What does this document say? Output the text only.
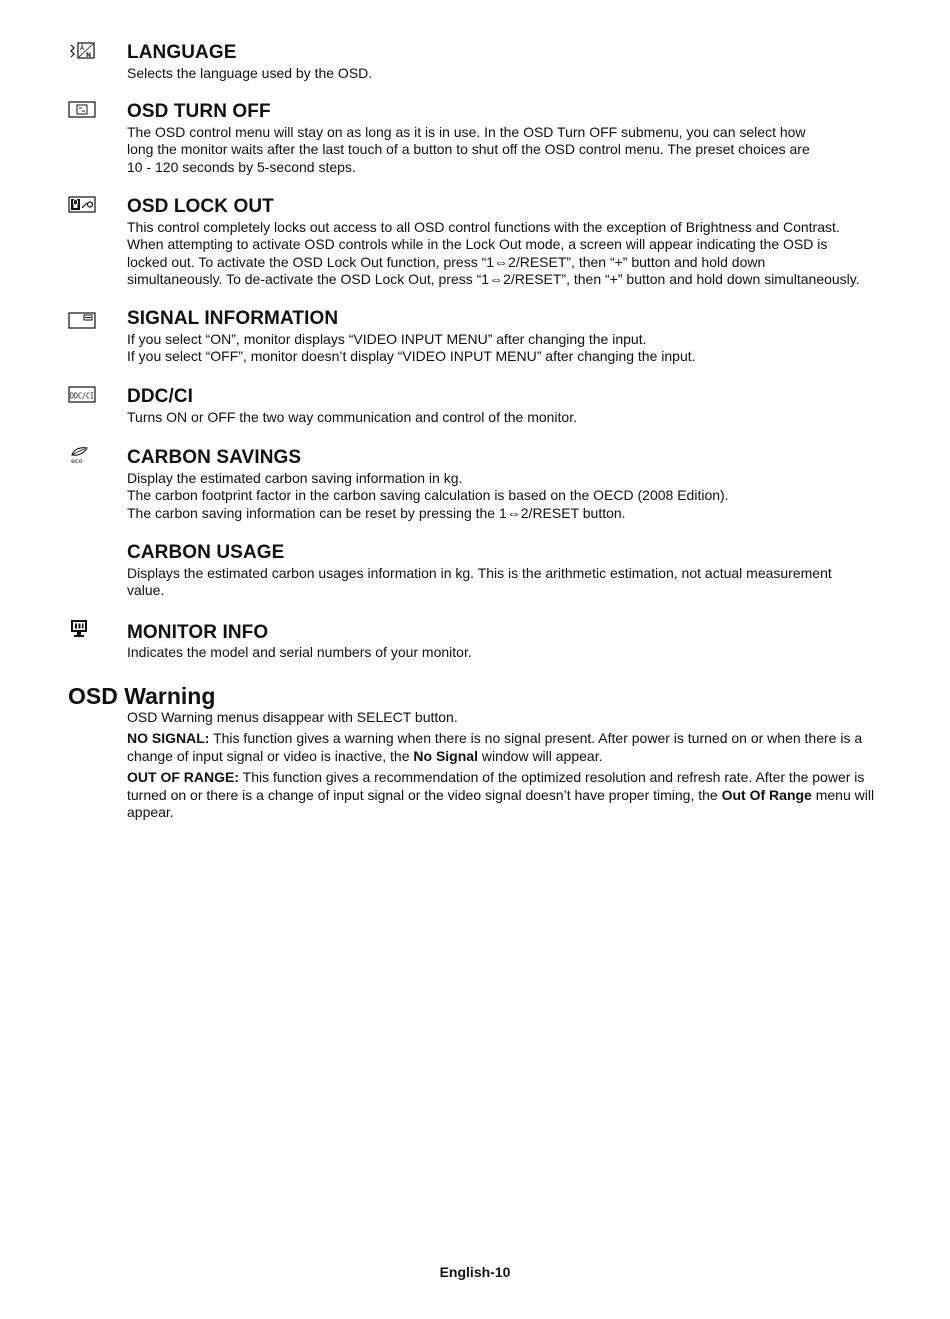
Å
N LANGUAGE

Selects the language used by the OSD.

OSD TURN OFF

The OSD control menu will stay on as long as it is in use. In the OSD Turn OFF submenu, you can select how

long the monitor waits after the last touch of a button to shut off the OSD control menu. The preset choices are

10 - 120 seconds by 5-second steps.

OSD LOCK OUT

This control completely locks out access to all OSD control functions with the exception of Brightness and Contrast.

When attempting to activate OSD controls while in the Lock Out mode, a screen will appear indicating the OSD is

locked out. To activate the OSD Lock Out function, press “1⇔2/RESET”, then “+” button and hold down

simultaneously. To de-activate the OSD Lock Out, press “1⇔2/RESET”, then “+” button and hold down simultaneously.

SIGNAL INFORMATION

If you select “ON”, monitor displays “VIDEO INPUT MENU” after changing the input.

If you select “OFF”, monitor doesn’t display “VIDEO INPUT MENU” after changing the input.

DDC/CI DDC/CI

Turns ON or OFF the two way communication and control of the monitor.

eco CARBON SAVINGS

Display the estimated carbon saving information in kg.

The carbon footprint factor in the carbon saving calculation is based on the OECD (2008 Edition).

The carbon saving information can be reset by pressing the 1⇔2/RESET button.

CARBON USAGE

Displays the estimated carbon usages information in kg. This is the arithmetic estimation, not actual measurement

value.

MONITOR INFO

Indicates the model and serial numbers of your monitor.

OSD Warning

OSD Warning menus disappear with SELECT button.

NO SIGNAL: This function gives a warning when there is no signal present. After power is turned on or when there is a change of input signal or video is inactive, the No Signal window will appear.

OUT OF RANGE: This function gives a recommendation of the optimized resolution and refresh rate. After the power is turned on or there is a change of input signal or the video signal doesn’t have proper timing, the Out Of Range menu will appear.

English-10
